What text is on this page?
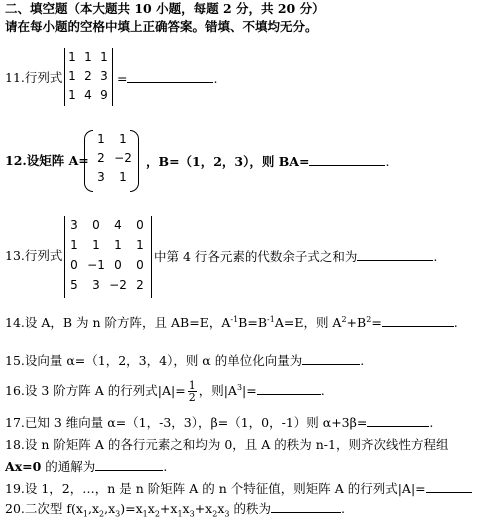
二、填空题（本大题共 10 小题，每题 2 分，共 20 分）
请在每小题的空格中填上正确答案。错填、不填均无分。
11.行列式
1 1 1
1 2 3
1 4 9
=	.
12.设矩阵 A=
1	1
2 −2
3	1
，B=（1，2，3），则 BA=	.
13.行列式
3	0	4	0
1	1	1	1
0 −1 0	0
5	3 −2 2
中第 4 行各元素的代数余子式之和为	.
14.设 A，B 为 n 阶方阵，且 AB=E，$A^{-1}B=B^{-1}A=E$，则 $A^2+B^2=$	.
15.设向量 α=（1，2，3，4），则 α 的单位化向量为	.
16.设 3 阶方阵 A 的行列式$|A|= \frac{1}{2}$ ，则$|A^3|=$	.
17.已知 3 维向量 α=（1，-3，3），β=（1，0，-1）则 α+3β=	.
18.设 n 阶矩阵 A 的各行元素之和均为 0，且 A 的秩为 n-1，则齐次线性方程组
Ax=0 的通解为	.
19.设 1，2，…，n 是 n 阶矩阵 A 的 n 个特征值，则矩阵 A 的行列式|A|=
20.二次型 $f(x_1,x_2,x_3)=x_1x_2+x_1x_3+x_2x_3$ 的秩为	.
